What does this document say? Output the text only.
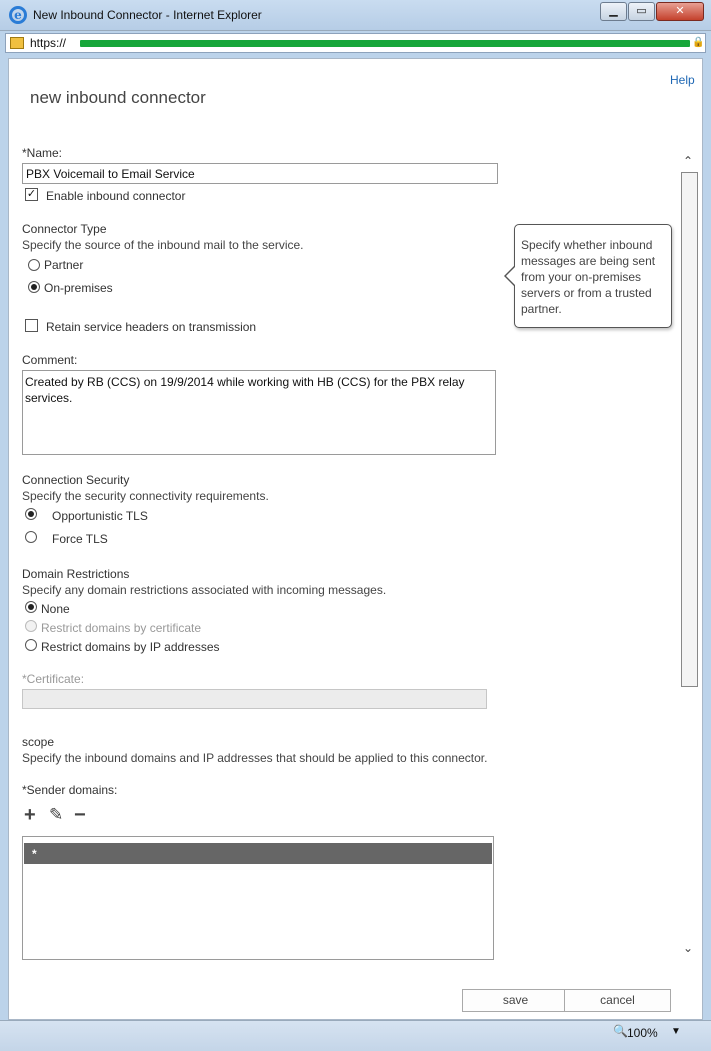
e New Inbound Connector - Internet Explorer	▁	▭	✕
https://	🔒
Help
new inbound connector
*Name:
PBX Voicemail to Email Service
✓ Enable inbound connector
Connector Type
Specify the source of the inbound mail to the service.
Partner
On-premises
Retain service headers on transmission
Specify whether inbound messages are being sent from your on-premises servers or from a trusted partner.
Comment:
Created by RB (CCS) on 19/9/2014 while working with HB (CCS) for the PBX relay services.
Connection Security
Specify the security connectivity requirements.
Opportunistic TLS
Force TLS
Domain Restrictions
Specify any domain restrictions associated with incoming messages.
None
Restrict domains by certificate
Restrict domains by IP addresses
*Certificate:
scope
Specify the inbound domains and IP addresses that should be applied to this connector.
*Sender domains:
+ ✎ −
*
⌃
⌄
save	cancel
🔍 100% ▼
